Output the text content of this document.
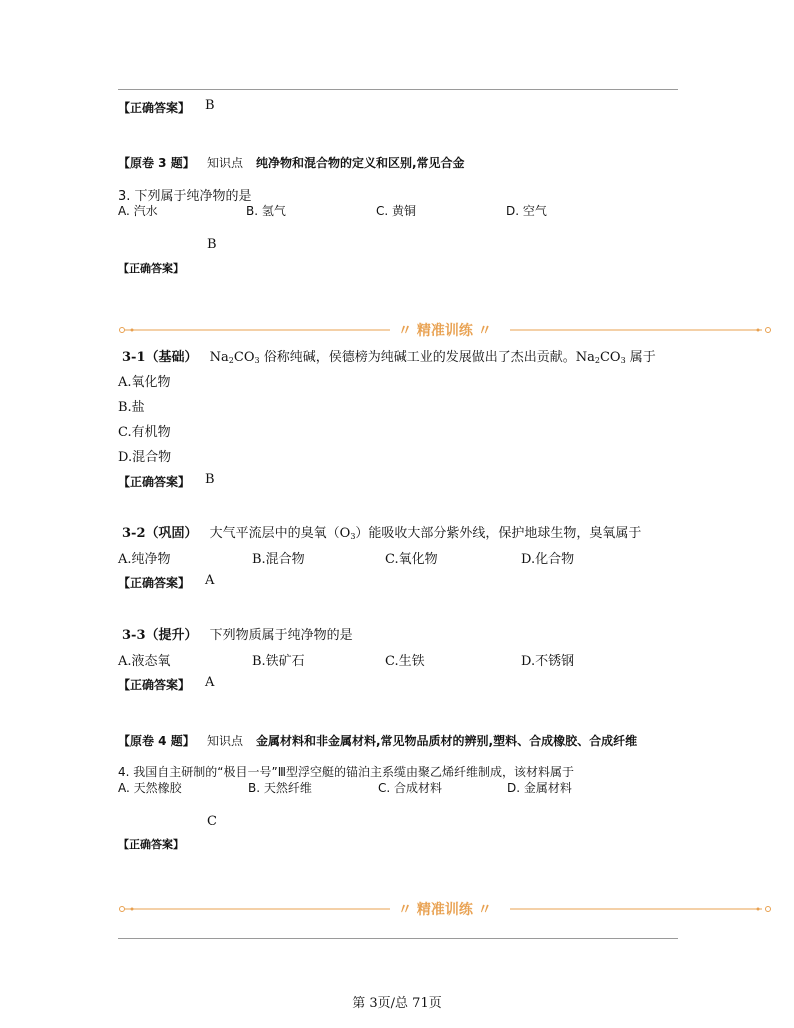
【正确答案】 B
【原卷 3 题】 知识点 纯净物和混合物的定义和区别,常见合金
3. 下列属于纯净物的是
A. 汽水	B. 氢气	C. 黄铜	D. 空气
B
【正确答案】
〃 精准训练 〃
3-1（基础） $Na_2CO_3$ 俗称纯碱，侯德榜为纯碱工业的发展做出了杰出贡献。$Na_2CO_3$ 属于
A.氧化物
B.盐
C.有机物
D.混合物
【正确答案】 B
3-2（巩固） 大气平流层中的臭氧$(O_3)$能吸收大部分紫外线，保护地球生物，臭氧属于
A.纯净物	B.混合物	C.氧化物	D.化合物
【正确答案】 A
3-3（提升） 下列物质属于纯净物的是
A.液态氧	B.铁矿石	C.生铁	D.不锈钢
【正确答案】 A
【原卷 4 题】 知识点 金属材料和非金属材料,常见物品质材的辨别,塑料、合成橡胶、合成纤维
4. 我国自主研制的“极目一号”Ⅲ型浮空艇的锚泊主系缆由聚乙烯纤维制成，该材料属于
A. 天然橡胶	B. 天然纤维	C. 合成材料	D. 金属材料
C
【正确答案】
〃 精准训练 〃
第 3页/总 71页
